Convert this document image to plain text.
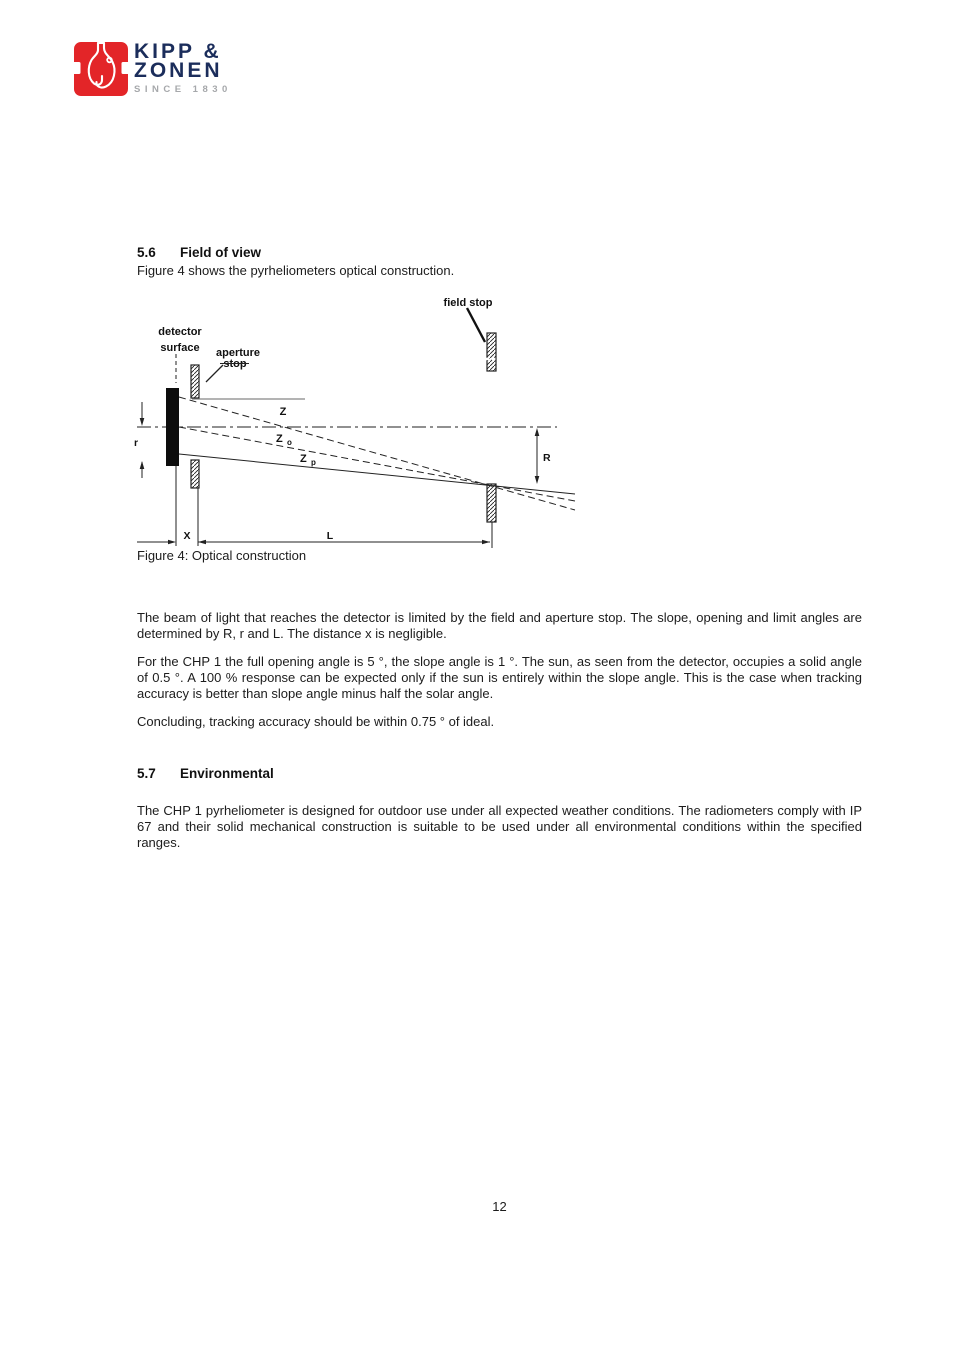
KIPP &
ZONEN
SINCE 1830
5.6	Field of view
Figure 4 shows the pyrheliometers optical construction.
detector
surface aperture
stop
field stop
Z
Z o
Z p
r
R
X	L
Figure 4: Optical construction
The beam of light that reaches the detector is limited by the field and aperture stop. The slope, opening and limit angles are determined by R, r and L. The distance x is negligible.
For the CHP 1 the full opening angle is 5 °, the slope angle is 1 °. The sun, as seen from the detector, occupies a solid angle of 0.5 °. A 100 % response can be expected only if the sun is entirely within the slope angle. This is the case when tracking accuracy is better than slope angle minus half the solar angle.
Concluding, tracking accuracy should be within 0.75 ° of ideal.
5.7	Environmental
The CHP 1 pyrheliometer is designed for outdoor use under all expected weather conditions. The radiometers comply with IP 67 and their solid mechanical construction is suitable to be used under all environmental conditions within the specified ranges.
12
